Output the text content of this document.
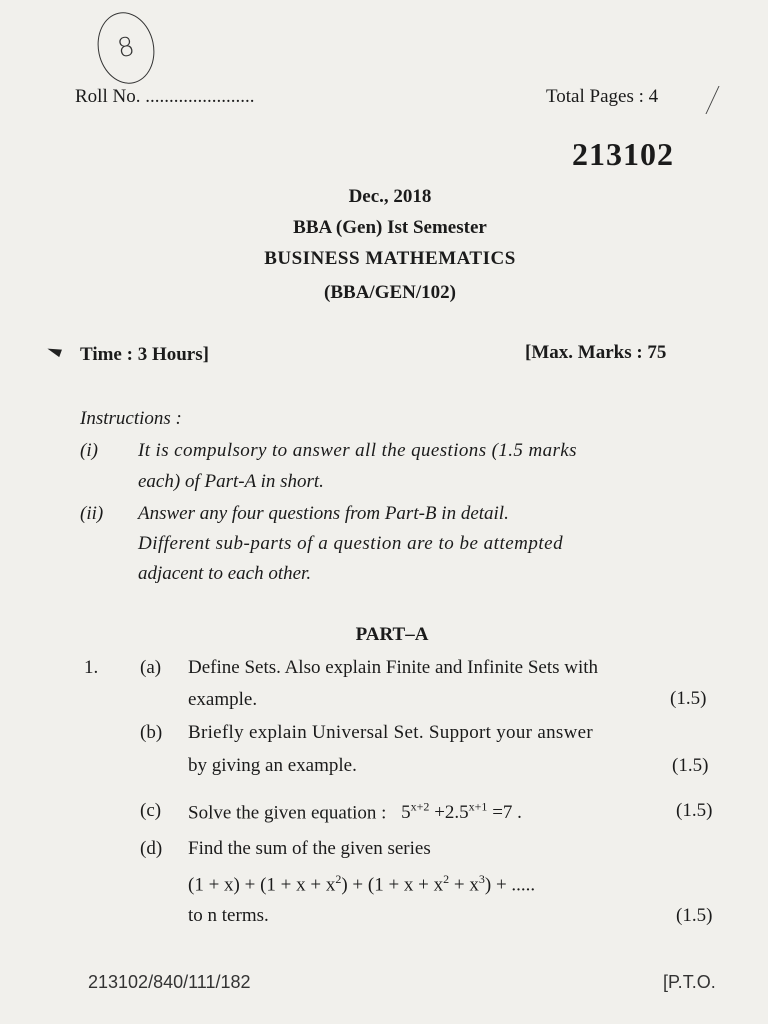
8
Roll No. .......................	Total Pages : 4
213102
Dec., 2018
BBA (Gen) Ist Semester
BUSINESS MATHEMATICS
(BBA/GEN/102)
Time : 3 Hours]	[Max. Marks : 75
Instructions :
(i) It is compulsory to answer all the questions (1.5 marks
each) of Part-A in short.
(ii) Answer any four questions from Part-B in detail.
Different sub-parts of a question are to be attempted
adjacent to each other.
PART–A
1. (a) Define Sets. Also explain Finite and Infinite Sets with
example.	(1.5)
(b) Briefly explain Universal Set. Support your answer
by giving an example.	(1.5)
(c) Solve the given equation : $5^{x+2} +2.5^{x+1} =7$ .	(1.5)
(d) Find the sum of the given series
$(1 + x) + (1 + x + x^2) + (1 + x + x^2 + x^3)$ + .....
to n terms.	(1.5)
213102/840/111/182	[P.T.O.
